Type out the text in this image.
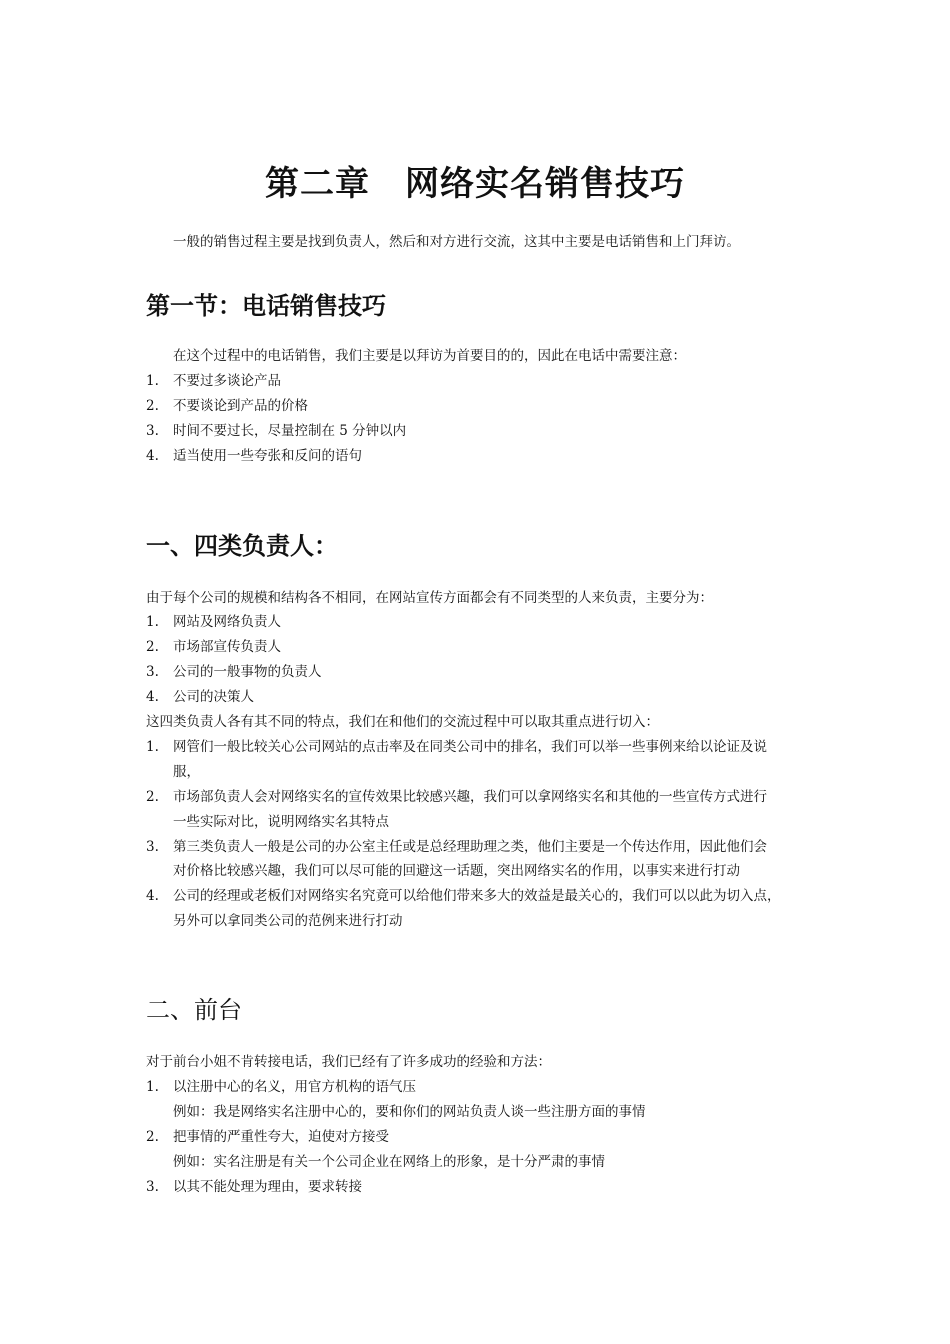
第二章　网络实名销售技巧
一般的销售过程主要是找到负责人，然后和对方进行交流，这其中主要是电话销售和上门拜访。
第一节：电话销售技巧
在这个过程中的电话销售，我们主要是以拜访为首要目的的，因此在电话中需要注意：
1. 不要过多谈论产品
2. 不要谈论到产品的价格
3. 时间不要过长，尽量控制在 5 分钟以内
4. 适当使用一些夸张和反问的语句
一、四类负责人：
由于每个公司的规模和结构各不相同，在网站宣传方面都会有不同类型的人来负责，主要分为：
1. 网站及网络负责人
2. 市场部宣传负责人
3. 公司的一般事物的负责人
4. 公司的决策人
这四类负责人各有其不同的特点，我们在和他们的交流过程中可以取其重点进行切入：
1. 网管们一般比较关心公司网站的点击率及在同类公司中的排名，我们可以举一些事例来给以论证及说
服，
2. 市场部负责人会对网络实名的宣传效果比较感兴趣，我们可以拿网络实名和其他的一些宣传方式进行
一些实际对比，说明网络实名其特点
3. 第三类负责人一般是公司的办公室主任或是总经理助理之类，他们主要是一个传达作用，因此他们会
对价格比较感兴趣，我们可以尽可能的回避这一话题，突出网络实名的作用，以事实来进行打动
4. 公司的经理或老板们对网络实名究竟可以给他们带来多大的效益是最关心的，我们可以以此为切入点，
另外可以拿同类公司的范例来进行打动
二、前台
对于前台小姐不肯转接电话，我们已经有了许多成功的经验和方法：
1. 以注册中心的名义，用官方机构的语气压
例如：我是网络实名注册中心的，要和你们的网站负责人谈一些注册方面的事情
2. 把事情的严重性夸大，迫使对方接受
例如：实名注册是有关一个公司企业在网络上的形象，是十分严肃的事情
3. 以其不能处理为理由，要求转接
